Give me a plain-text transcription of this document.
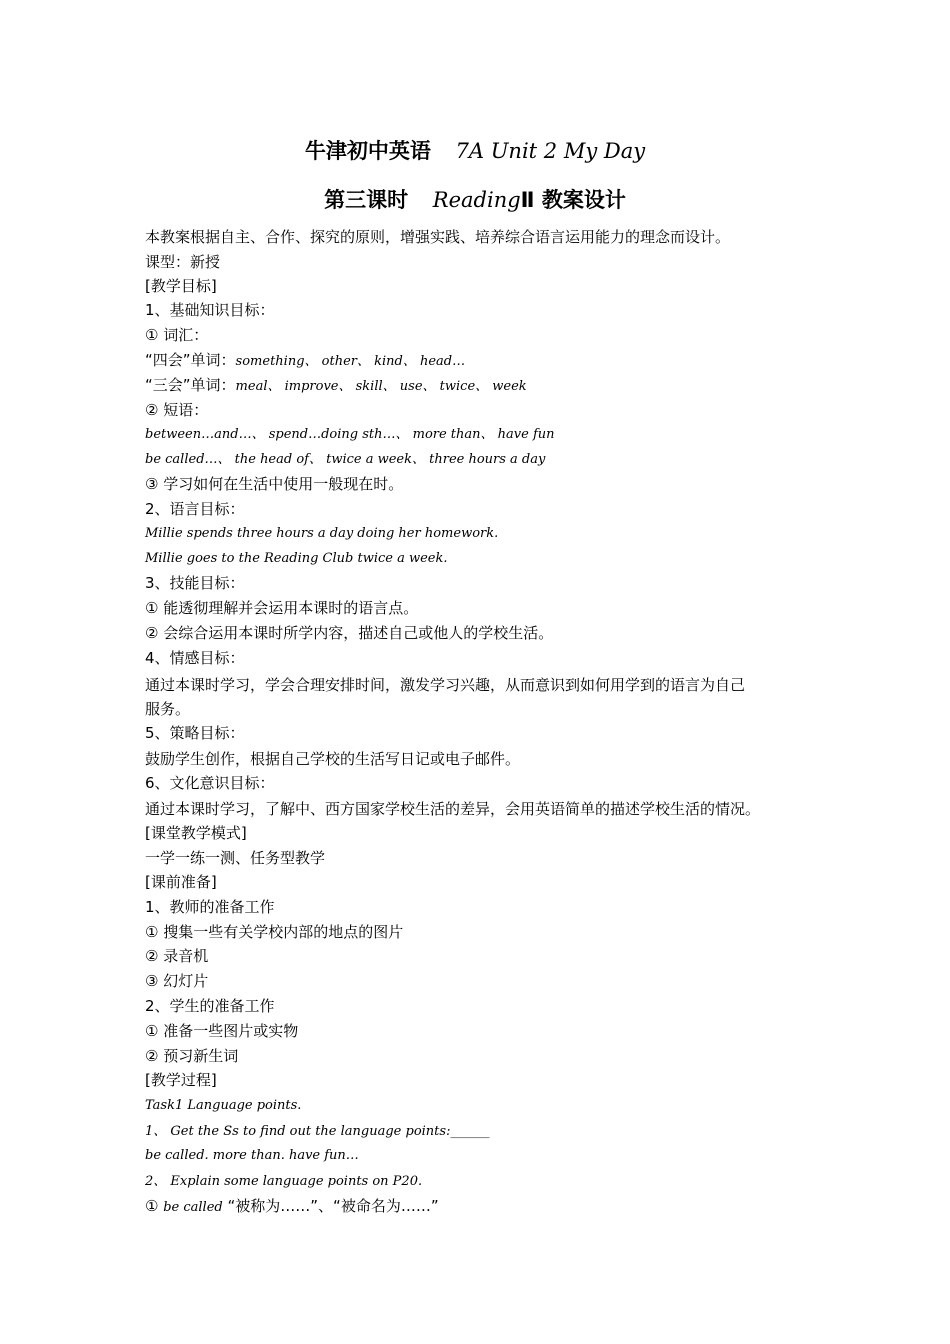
牛津初中英语 7A Unit 2 My Day
第三课时 ReadingⅡ 教案设计
本教案根据自主、合作、探究的原则，增强实践、培养综合语言运用能力的理念而设计。
课型：新授
[教学目标]
1、基础知识目标：
① 词汇：
“四会”单词：something、 other、 kind、 head…
“三会”单词：meal、 improve、 skill、 use、 twice、 week
② 短语：
between…and…、 spend…doing sth…、 more than、 have fun
be called…、 the head of、 twice a week、 three hours a day
③ 学习如何在生活中使用一般现在时。
2、语言目标：
Millie spends three hours a day doing her homework.
Millie goes to the Reading Club twice a week.
3、技能目标：
① 能透彻理解并会运用本课时的语言点。
② 会综合运用本课时所学内容，描述自己或他人的学校生活。
4、情感目标：
通过本课时学习，学会合理安排时间，激发学习兴趣，从而意识到如何用学到的语言为自己
服务。
5、策略目标：
鼓励学生创作，根据自己学校的生活写日记或电子邮件。
6、文化意识目标：
通过本课时学习，了解中、西方国家学校生活的差异，会用英语简单的描述学校生活的情况。
[课堂教学模式]
一学一练一测、任务型教学
[课前准备]
1、教师的准备工作
① 搜集一些有关学校内部的地点的图片
② 录音机
③ 幻灯片
2、学生的准备工作
① 准备一些图片或实物
② 预习新生词
[教学过程]
Task1 Language points.
1、 Get the Ss to find out the language points:______
be called. more than. have fun…
2、 Explain some language points on P20.
① be called “被称为……”、“被命名为……”
